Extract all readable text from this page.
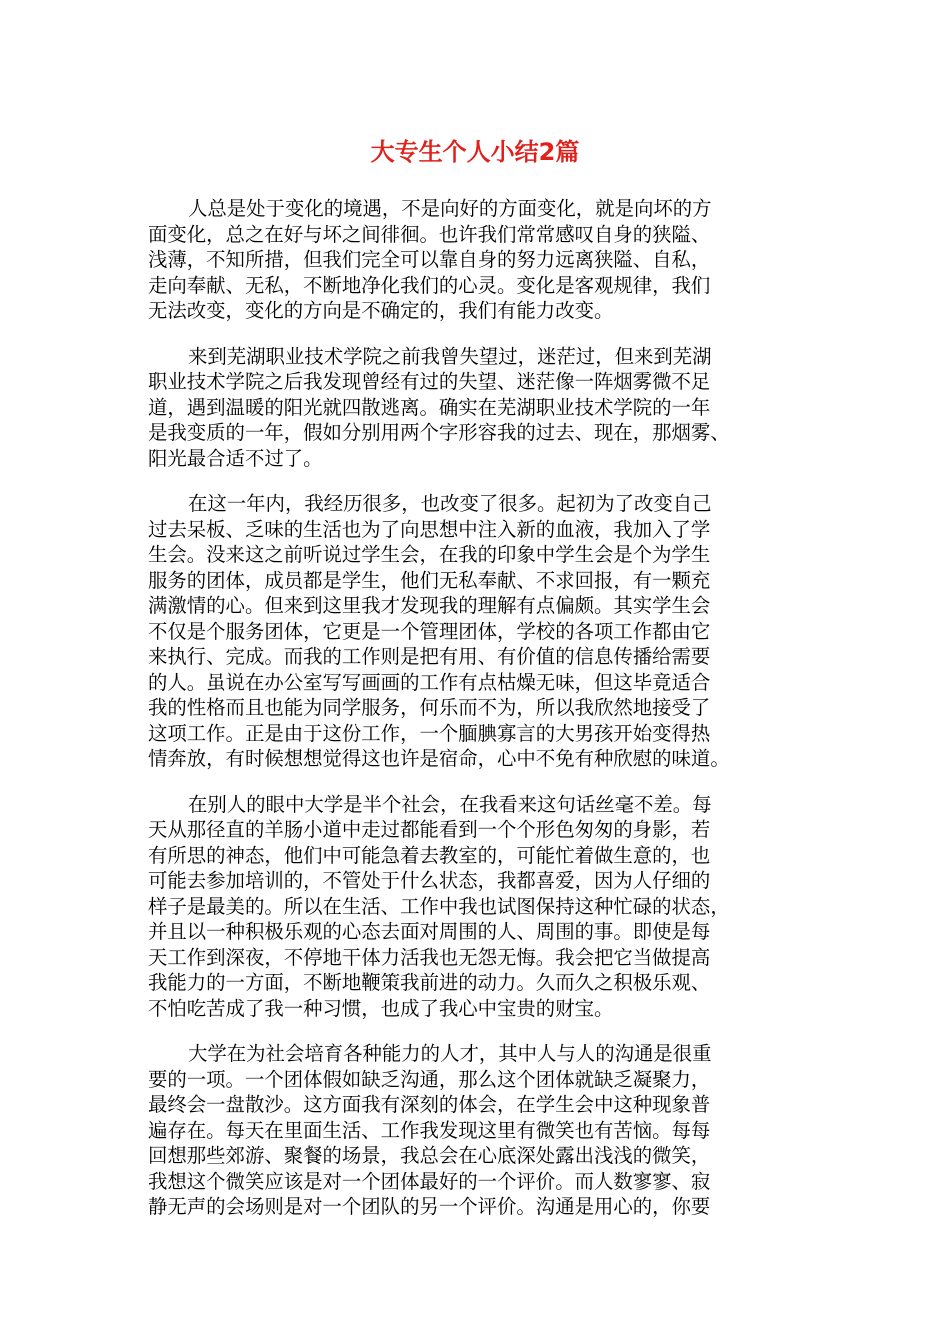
大专生个人小结2篇
人总是处于变化的境遇，不是向好的方面变化，就是向坏的方
面变化，总之在好与坏之间徘徊。也许我们常常感叹自身的狭隘、
浅薄，不知所措，但我们完全可以靠自身的努力远离狭隘、自私，
走向奉献、无私，不断地净化我们的心灵。变化是客观规律，我们
无法改变，变化的方向是不确定的，我们有能力改变。
来到芜湖职业技术学院之前我曾失望过，迷茫过，但来到芜湖
职业技术学院之后我发现曾经有过的失望、迷茫像一阵烟雾微不足
道，遇到温暖的阳光就四散逃离。确实在芜湖职业技术学院的一年
是我变质的一年，假如分别用两个字形容我的过去、现在，那烟雾、
阳光最合适不过了。
在这一年内，我经历很多，也改变了很多。起初为了改变自己
过去呆板、乏味的生活也为了向思想中注入新的血液，我加入了学
生会。没来这之前听说过学生会，在我的印象中学生会是个为学生
服务的团体，成员都是学生，他们无私奉献、不求回报，有一颗充
满激情的心。但来到这里我才发现我的理解有点偏颇。其实学生会
不仅是个服务团体，它更是一个管理团体，学校的各项工作都由它
来执行、完成。而我的工作则是把有用、有价值的信息传播给需要
的人。虽说在办公室写写画画的工作有点枯燥无味，但这毕竟适合
我的性格而且也能为同学服务，何乐而不为，所以我欣然地接受了
这项工作。正是由于这份工作，一个腼腆寡言的大男孩开始变得热
情奔放，有时候想想觉得这也许是宿命，心中不免有种欣慰的味道。
在别人的眼中大学是半个社会，在我看来这句话丝毫不差。每
天从那径直的羊肠小道中走过都能看到一个个形色匆匆的身影，若
有所思的神态，他们中可能急着去教室的，可能忙着做生意的，也
可能去参加培训的，不管处于什么状态，我都喜爱，因为人仔细的
样子是最美的。所以在生活、工作中我也试图保持这种忙碌的状态，
并且以一种积极乐观的心态去面对周围的人、周围的事。即使是每
天工作到深夜，不停地干体力活我也无怨无悔。我会把它当做提高
我能力的一方面，不断地鞭策我前进的动力。久而久之积极乐观、
不怕吃苦成了我一种习惯，也成了我心中宝贵的财宝。
大学在为社会培育各种能力的人才，其中人与人的沟通是很重
要的一项。一个团体假如缺乏沟通，那么这个团体就缺乏凝聚力，
最终会一盘散沙。这方面我有深刻的体会，在学生会中这种现象普
遍存在。每天在里面生活、工作我发现这里有微笑也有苦恼。每每
回想那些郊游、聚餐的场景，我总会在心底深处露出浅浅的微笑，
我想这个微笑应该是对一个团体最好的一个评价。而人数寥寥、寂
静无声的会场则是对一个团队的另一个评价。沟通是用心的，你要
